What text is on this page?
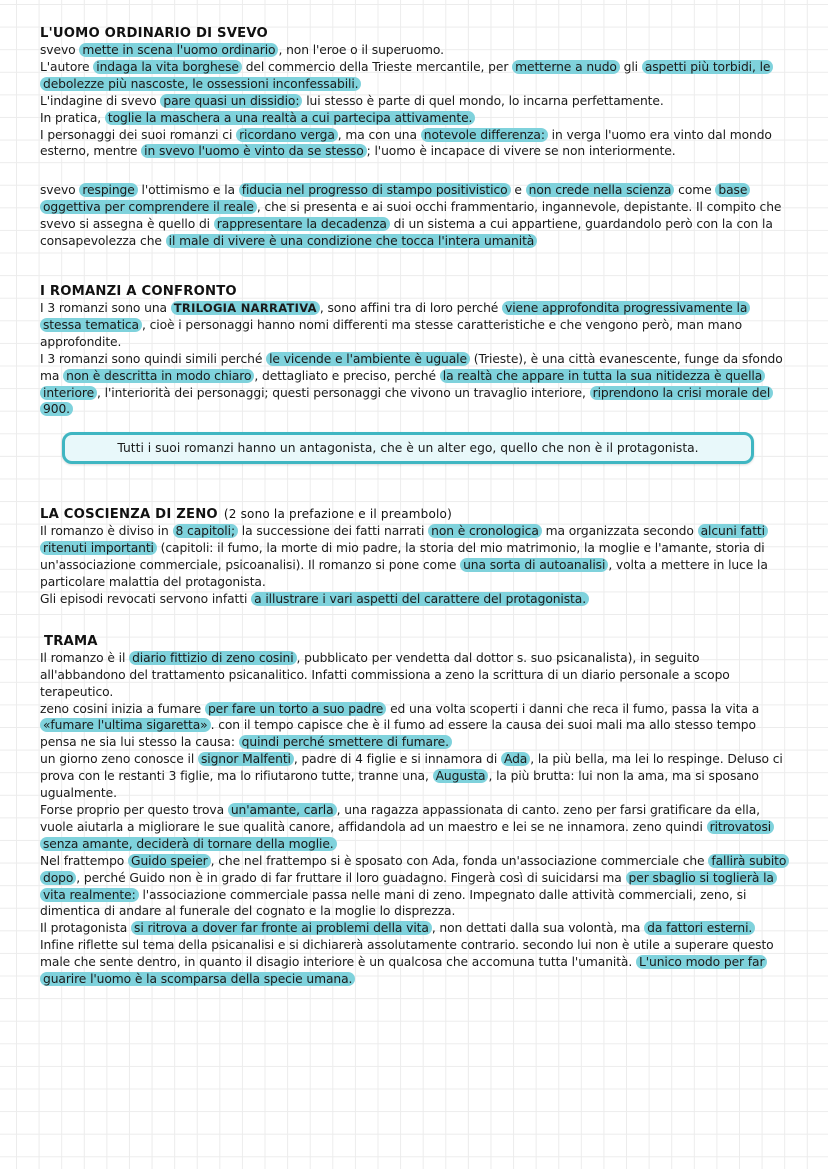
L'UOMO ORDINARIO DI SVEVO

svevo mette in scena l'uomo ordinario , non l'eroe o il superuomo.
L'autore indaga la vita borghese del commercio della Trieste mercantile, per metterne a nudo gli aspetti più torbidi, le debolezze più nascoste, le ossessioni inconfessabili.
L'indagine di svevo pare quasi un dissidio: lui stesso è parte di quel mondo, lo incarna perfettamente.
In pratica, toglie la maschera a una realtà a cui partecipa attivamente.
I personaggi dei suoi romanzi ci ricordano verga , ma con una notevole differenza: in verga l'uomo era vinto dal mondo esterno, mentre in svevo l'uomo è vinto da se stesso ; l'uomo è incapace di vivere se non interiormente.

svevo respinge l'ottimismo e la fiducia nel progresso di stampo positivistico e non crede nella scienza come base oggettiva per comprendere il reale , che si presenta e ai suoi occhi frammentario, ingannevole, depistante. Il compito che svevo si assegna è quello di rappresentare la decadenza di un sistema a cui appartiene, guardandolo però con la con la consapevolezza che il male di vivere è una condizione che tocca l'intera umanità

I ROMANZI A CONFRONTO

I 3 romanzi sono una TRILOGIA NARRATIVA , sono affini tra di loro perché viene approfondita progressivamente la stessa tematica , cioè i personaggi hanno nomi differenti ma stesse caratteristiche e che vengono però, man mano approfondite.
I 3 romanzi sono quindi simili perché le vicende e l'ambiente è uguale (Trieste), è una città evanescente, funge da sfondo ma non è descritta in modo chiaro , dettagliato e preciso, perché la realtà che appare in tutta la sua nitidezza è quella interiore , l'interiorità dei personaggi; questi personaggi che vivono un travaglio interiore, riprendono la crisi morale del 900.

Tutti i suoi romanzi hanno un antagonista, che è un alter ego, quello che non è il protagonista.
LA COSCIENZA DI ZENO (2 sono la prefazione e il preambolo)

Il romanzo è diviso in 8 capitoli; la successione dei fatti narrati non è cronologica ma organizzata secondo alcuni fatti ritenuti importanti (capitoli: il fumo, la morte di mio padre, la storia del mio matrimonio, la moglie e l'amante, storia di un'associazione commerciale, psicoanalisi). Il romanzo si pone come una sorta di autoanalisi , volta a mettere in luce la particolare malattia del protagonista.
Gli episodi revocati servono infatti a illustrare i vari aspetti del carattere del protagonista.

TRAMA

Il romanzo è il diario fittizio di zeno cosini , pubblicato per vendetta dal dottor s. suo psicanalista), in seguito all'abbandono del trattamento psicanalitico. Infatti commissiona a zeno la scrittura di un diario personale a scopo terapeutico.
zeno cosini inizia a fumare per fare un torto a suo padre ed una volta scoperti i danni che reca il fumo, passa la vita a «fumare l'ultima sigaretta» . con il tempo capisce che è il fumo ad essere la causa dei suoi mali ma allo stesso tempo pensa ne sia lui stesso la causa: quindi perché smettere di fumare.
un giorno zeno conosce il signor Malfenti , padre di 4 figlie e si innamora di Ada , la più bella, ma lei lo respinge. Deluso ci prova con le restanti 3 figlie, ma lo rifiutarono tutte, tranne una, Augusta , la più brutta: lui non la ama, ma si sposano ugualmente.
Forse proprio per questo trova un'amante, carla , una ragazza appassionata di canto. zeno per farsi gratificare da ella, vuole aiutarla a migliorare le sue qualità canore, affidandola ad un maestro e lei se ne innamora. zeno quindi ritrovatosi senza amante, deciderà di tornare della moglie.
Nel frattempo Guido speier , che nel frattempo si è sposato con Ada, fonda un'associazione commerciale che fallirà subito dopo , perché Guido non è in grado di far fruttare il loro guadagno. Fingerà così di suicidarsi ma per sbaglio si toglierà la vita realmente: l'associazione commerciale passa nelle mani di zeno. Impegnato dalle attività commerciali, zeno, si dimentica di andare al funerale del cognato e la moglie lo disprezza.
Il protagonista si ritrova a dover far fronte ai problemi della vita , non dettati dalla sua volontà, ma da fattori esterni. Infine riflette sul tema della psicanalisi e si dichiarerà assolutamente contrario. secondo lui non è utile a superare questo male che sente dentro, in quanto il disagio interiore è un qualcosa che accomuna tutta l'umanità. L'unico modo per far guarire l'uomo è la scomparsa della specie umana.
